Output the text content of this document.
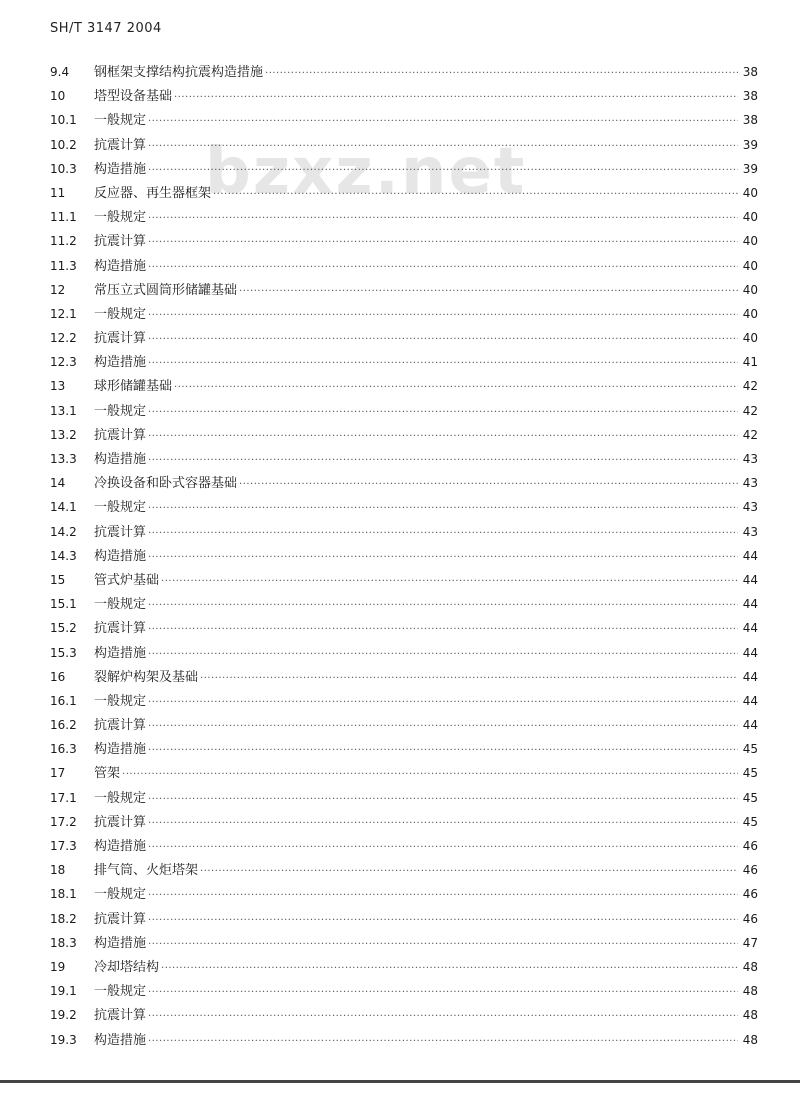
SH/T 3147 2004
bzxz.net
9.4	钢框架支撑结构抗震构造措施 ·····	38
10	塔型设备基础 ·····	38
10.1	一般规定 ·····	38
10.2	抗震计算 ·····	39
10.3	构造措施 ·····	39
11	反应器、再生器框架 ·····	40
11.1	一般规定 ·····	40
11.2	抗震计算 ·····	40
11.3	构造措施 ·····	40
12	常压立式圆筒形储罐基础 ·····	40
12.1	一般规定 ·····	40
12.2	抗震计算 ·····	40
12.3	构造措施 ·····	41
13	球形储罐基础 ·····	42
13.1	一般规定 ·····	42
13.2	抗震计算 ·····	42
13.3	构造措施 ·····	43
14	冷换设备和卧式容器基础 ·····	43
14.1	一般规定 ·····	43
14.2	抗震计算 ·····	43
14.3	构造措施 ·····	44
15	管式炉基础 ·····	44
15.1	一般规定 ·····	44
15.2	抗震计算 ·····	44
15.3	构造措施 ·····	44
16	裂解炉构架及基础 ·····	44
16.1	一般规定 ·····	44
16.2	抗震计算 ·····	44
16.3	构造措施 ·····	45
17	管架 ·····	45
17.1	一般规定 ·····	45
17.2	抗震计算 ·····	45
17.3	构造措施 ·····	46
18	排气筒、火炬塔架 ·····	46
18.1	一般规定 ·····	46
18.2	抗震计算 ·····	46
18.3	构造措施 ·····	47
19	冷却塔结构 ·····	48
19.1	一般规定 ·····	48
19.2	抗震计算 ·····	48
19.3	构造措施 ·····	48
